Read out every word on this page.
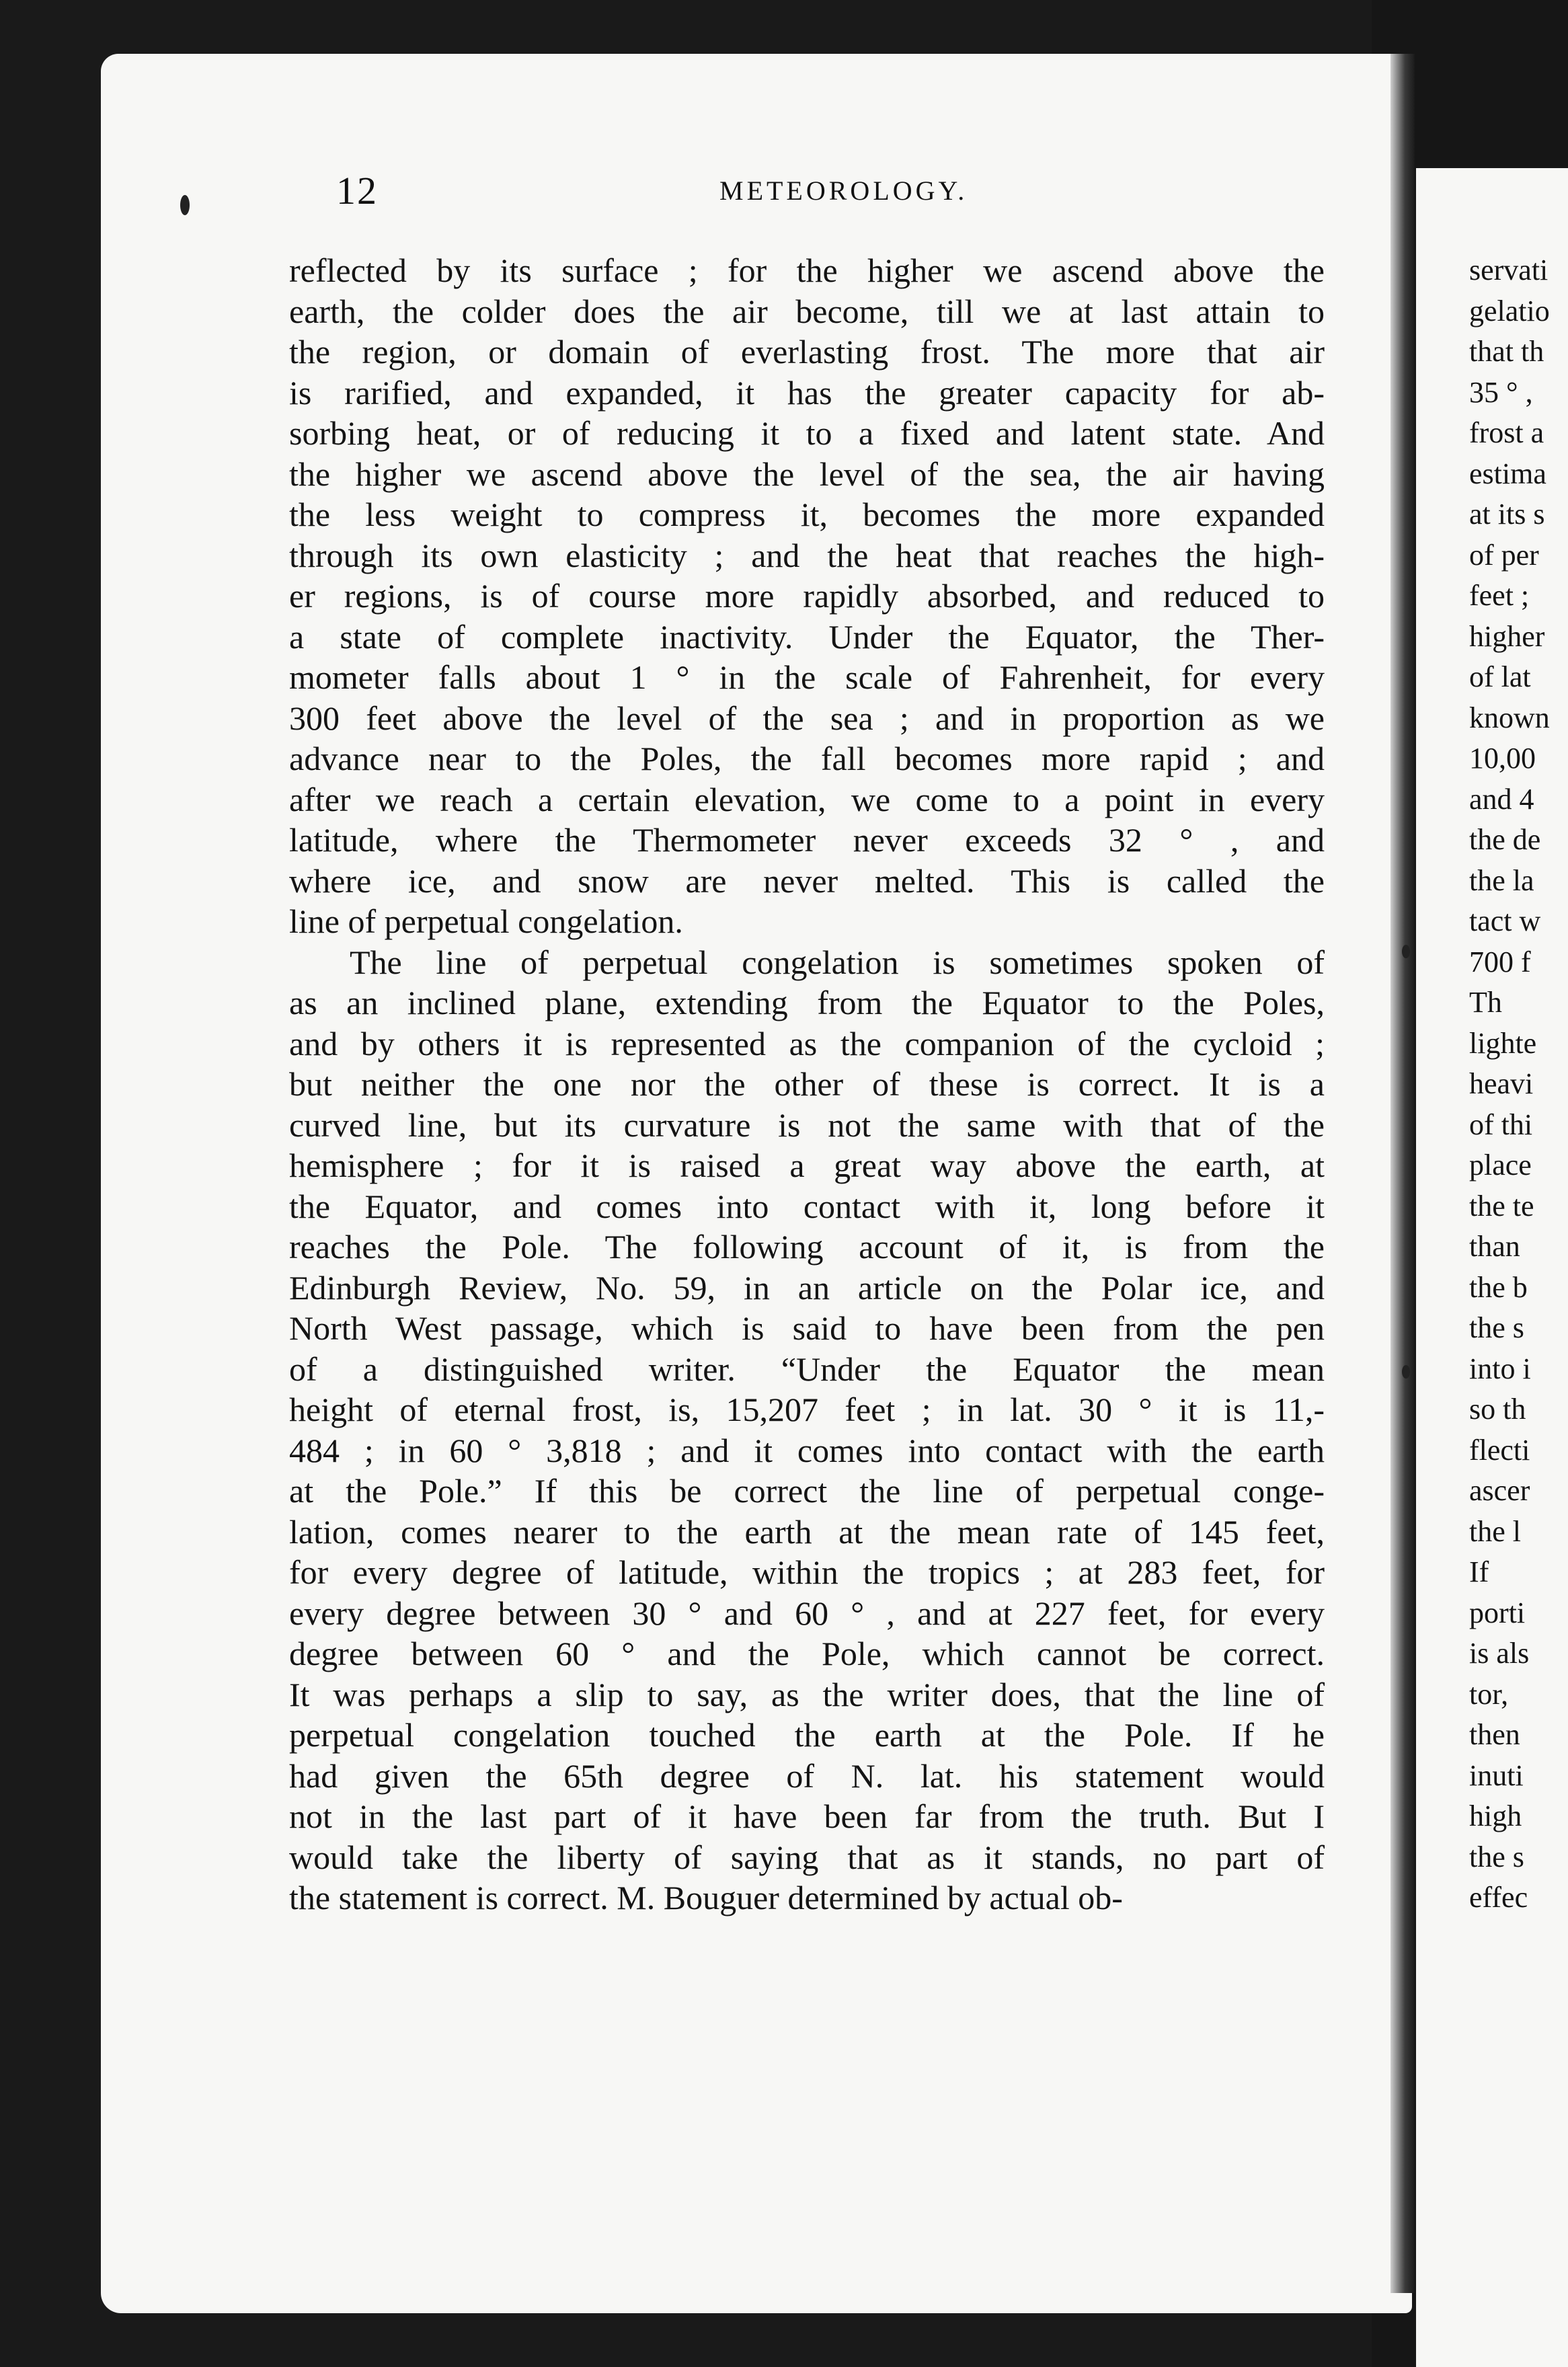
12	METEOROLOGY.
reflected by its surface ; for the higher we ascend above the
earth, the colder does the air become, till we at last attain to
the region, or domain of everlasting frost. The more that air
is rarified, and expanded, it has the greater capacity for ab-
sorbing heat, or of reducing it to a fixed and latent state. And
the higher we ascend above the level of the sea, the air having
the less weight to compress it, becomes the more expanded
through its own elasticity ; and the heat that reaches the high-
er regions, is of course more rapidly absorbed, and reduced to
a state of complete inactivity. Under the Equator, the Ther-
mometer falls about 1 ° in the scale of Fahrenheit, for every
300 feet above the level of the sea ; and in proportion as we
advance near to the Poles, the fall becomes more rapid ; and
after we reach a certain elevation, we come to a point in every
latitude, where the Thermometer never exceeds 32 ° , and
where ice, and snow are never melted. This is called the
line of perpetual congelation.
The line of perpetual congelation is sometimes spoken of
as an inclined plane, extending from the Equator to the Poles,
and by others it is represented as the companion of the cycloid ;
but neither the one nor the other of these is correct. It is a
curved line, but its curvature is not the same with that of the
hemisphere ; for it is raised a great way above the earth, at
the Equator, and comes into contact with it, long before it
reaches the Pole. The following account of it, is from the
Edinburgh Review, No. 59, in an article on the Polar ice, and
North West passage, which is said to have been from the pen
of a distinguished writer. “Under the Equator the mean
height of eternal frost, is, 15,207 feet ; in lat. 30 ° it is 11,-
484 ; in 60 ° 3,818 ; and it comes into contact with the earth
at the Pole.” If this be correct the line of perpetual conge-
lation, comes nearer to the earth at the mean rate of 145 feet,
for every degree of latitude, within the tropics ; at 283 feet, for
every degree between 30 ° and 60 ° , and at 227 feet, for every
degree between 60 ° and the Pole, which cannot be correct.
It was perhaps a slip to say, as the writer does, that the line of
perpetual congelation touched the earth at the Pole. If he
had given the 65th degree of N. lat. his statement would
not in the last part of it have been far from the truth. But I
would take the liberty of saying that as it stands, no part of
the statement is correct. M. Bouguer determined by actual ob-
servati
gelatio
that th
35 ° ,
frost a
estima
at its s
of per
feet ;
higher
of lat
known
10,00
and 4
the de
the la
tact w
700 f
Th
lighte
heavi
of thi
place
the te
than
the b
the s
into i
so th
flecti
ascer
the l
If
porti
is als
tor,
then
inuti
high
the s
effec
